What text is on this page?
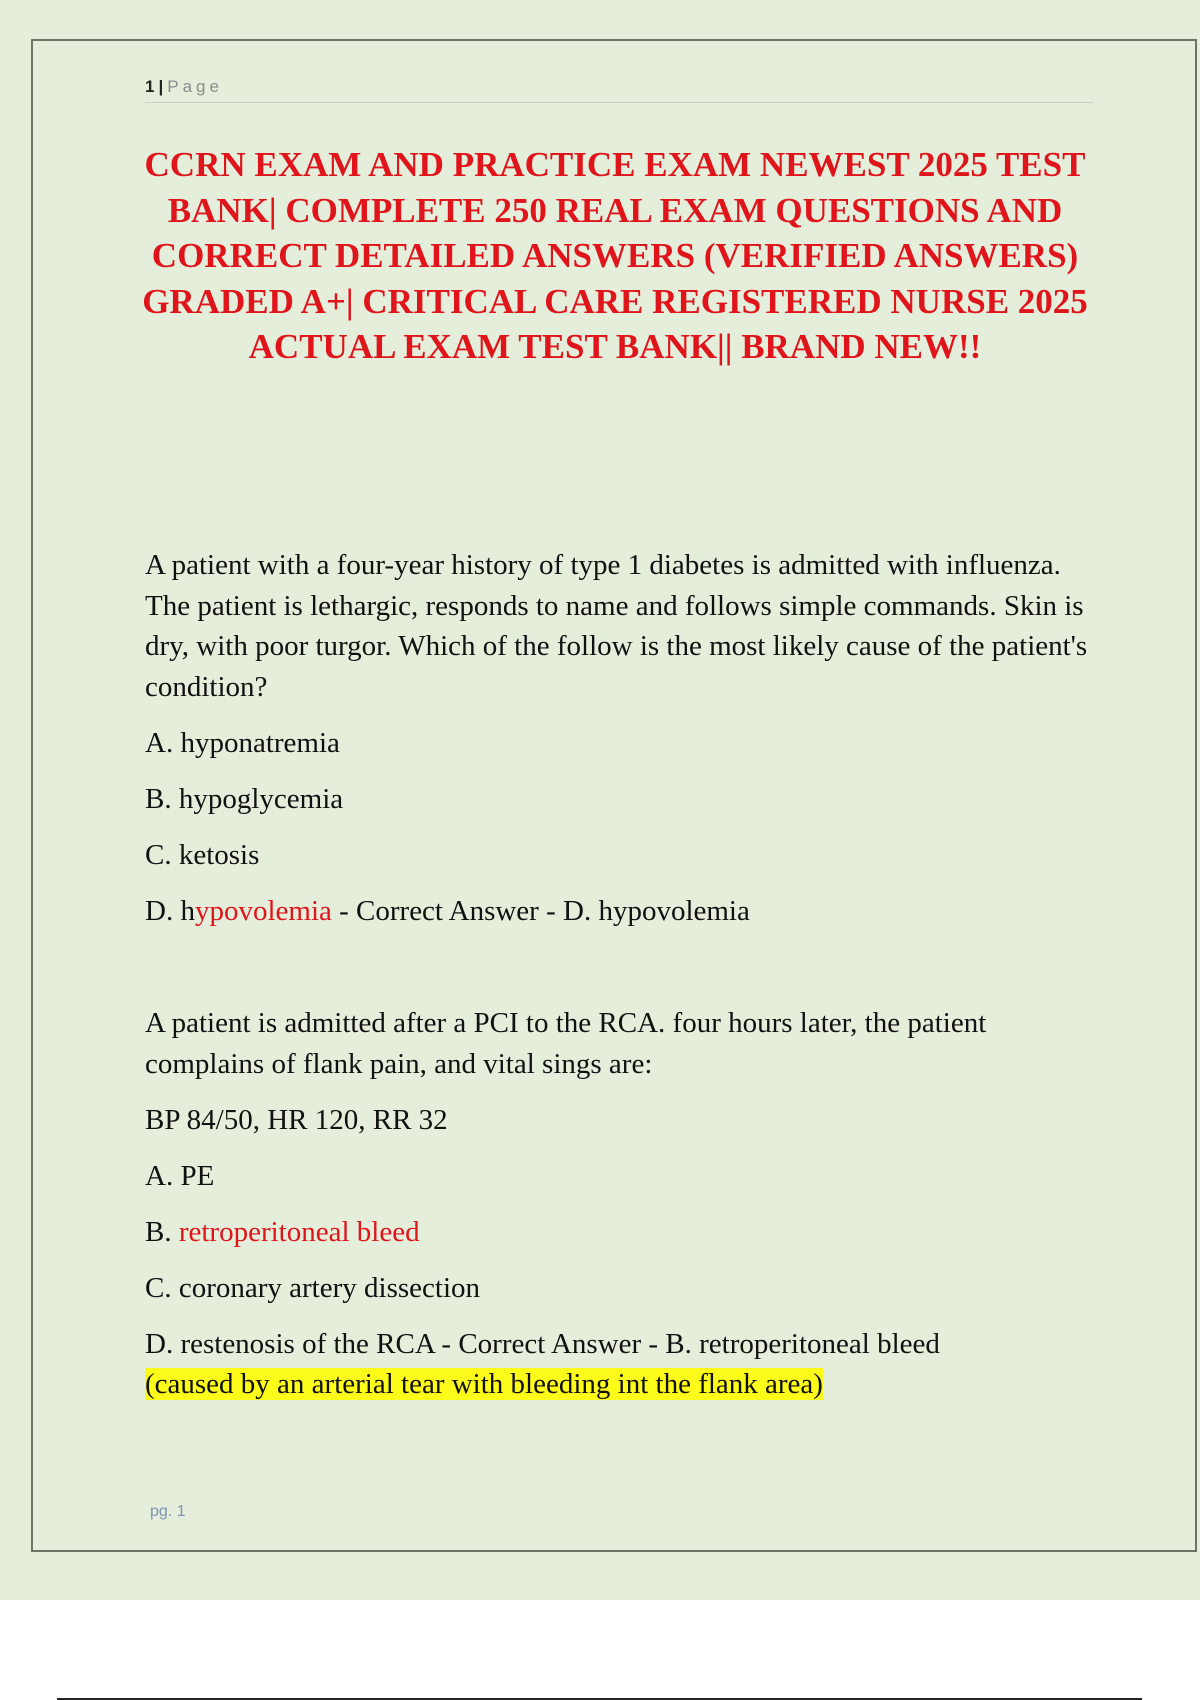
1 | Page
CCRN EXAM AND PRACTICE EXAM NEWEST 2025 TEST BANK| COMPLETE 250 REAL EXAM QUESTIONS AND CORRECT DETAILED ANSWERS (VERIFIED ANSWERS) GRADED A+| CRITICAL CARE REGISTERED NURSE 2025 ACTUAL EXAM TEST BANK|| BRAND NEW!!

A patient with a four-year history of type 1 diabetes is admitted with influenza. The patient is lethargic, responds to name and follows simple commands. Skin is dry, with poor turgor. Which of the follow is the most likely cause of the patient's condition?

A. hyponatremia

B. hypoglycemia

C. ketosis

D. hypovolemia - Correct Answer - D. hypovolemia

A patient is admitted after a PCI to the RCA. four hours later, the patient complains of flank pain, and vital sings are:

BP 84/50, HR 120, RR 32

A. PE

B. retroperitoneal bleed

C. coronary artery dissection

D. restenosis of the RCA - Correct Answer - B. retroperitoneal bleed
(caused by an arterial tear with bleeding int the flank area)

pg. 1
